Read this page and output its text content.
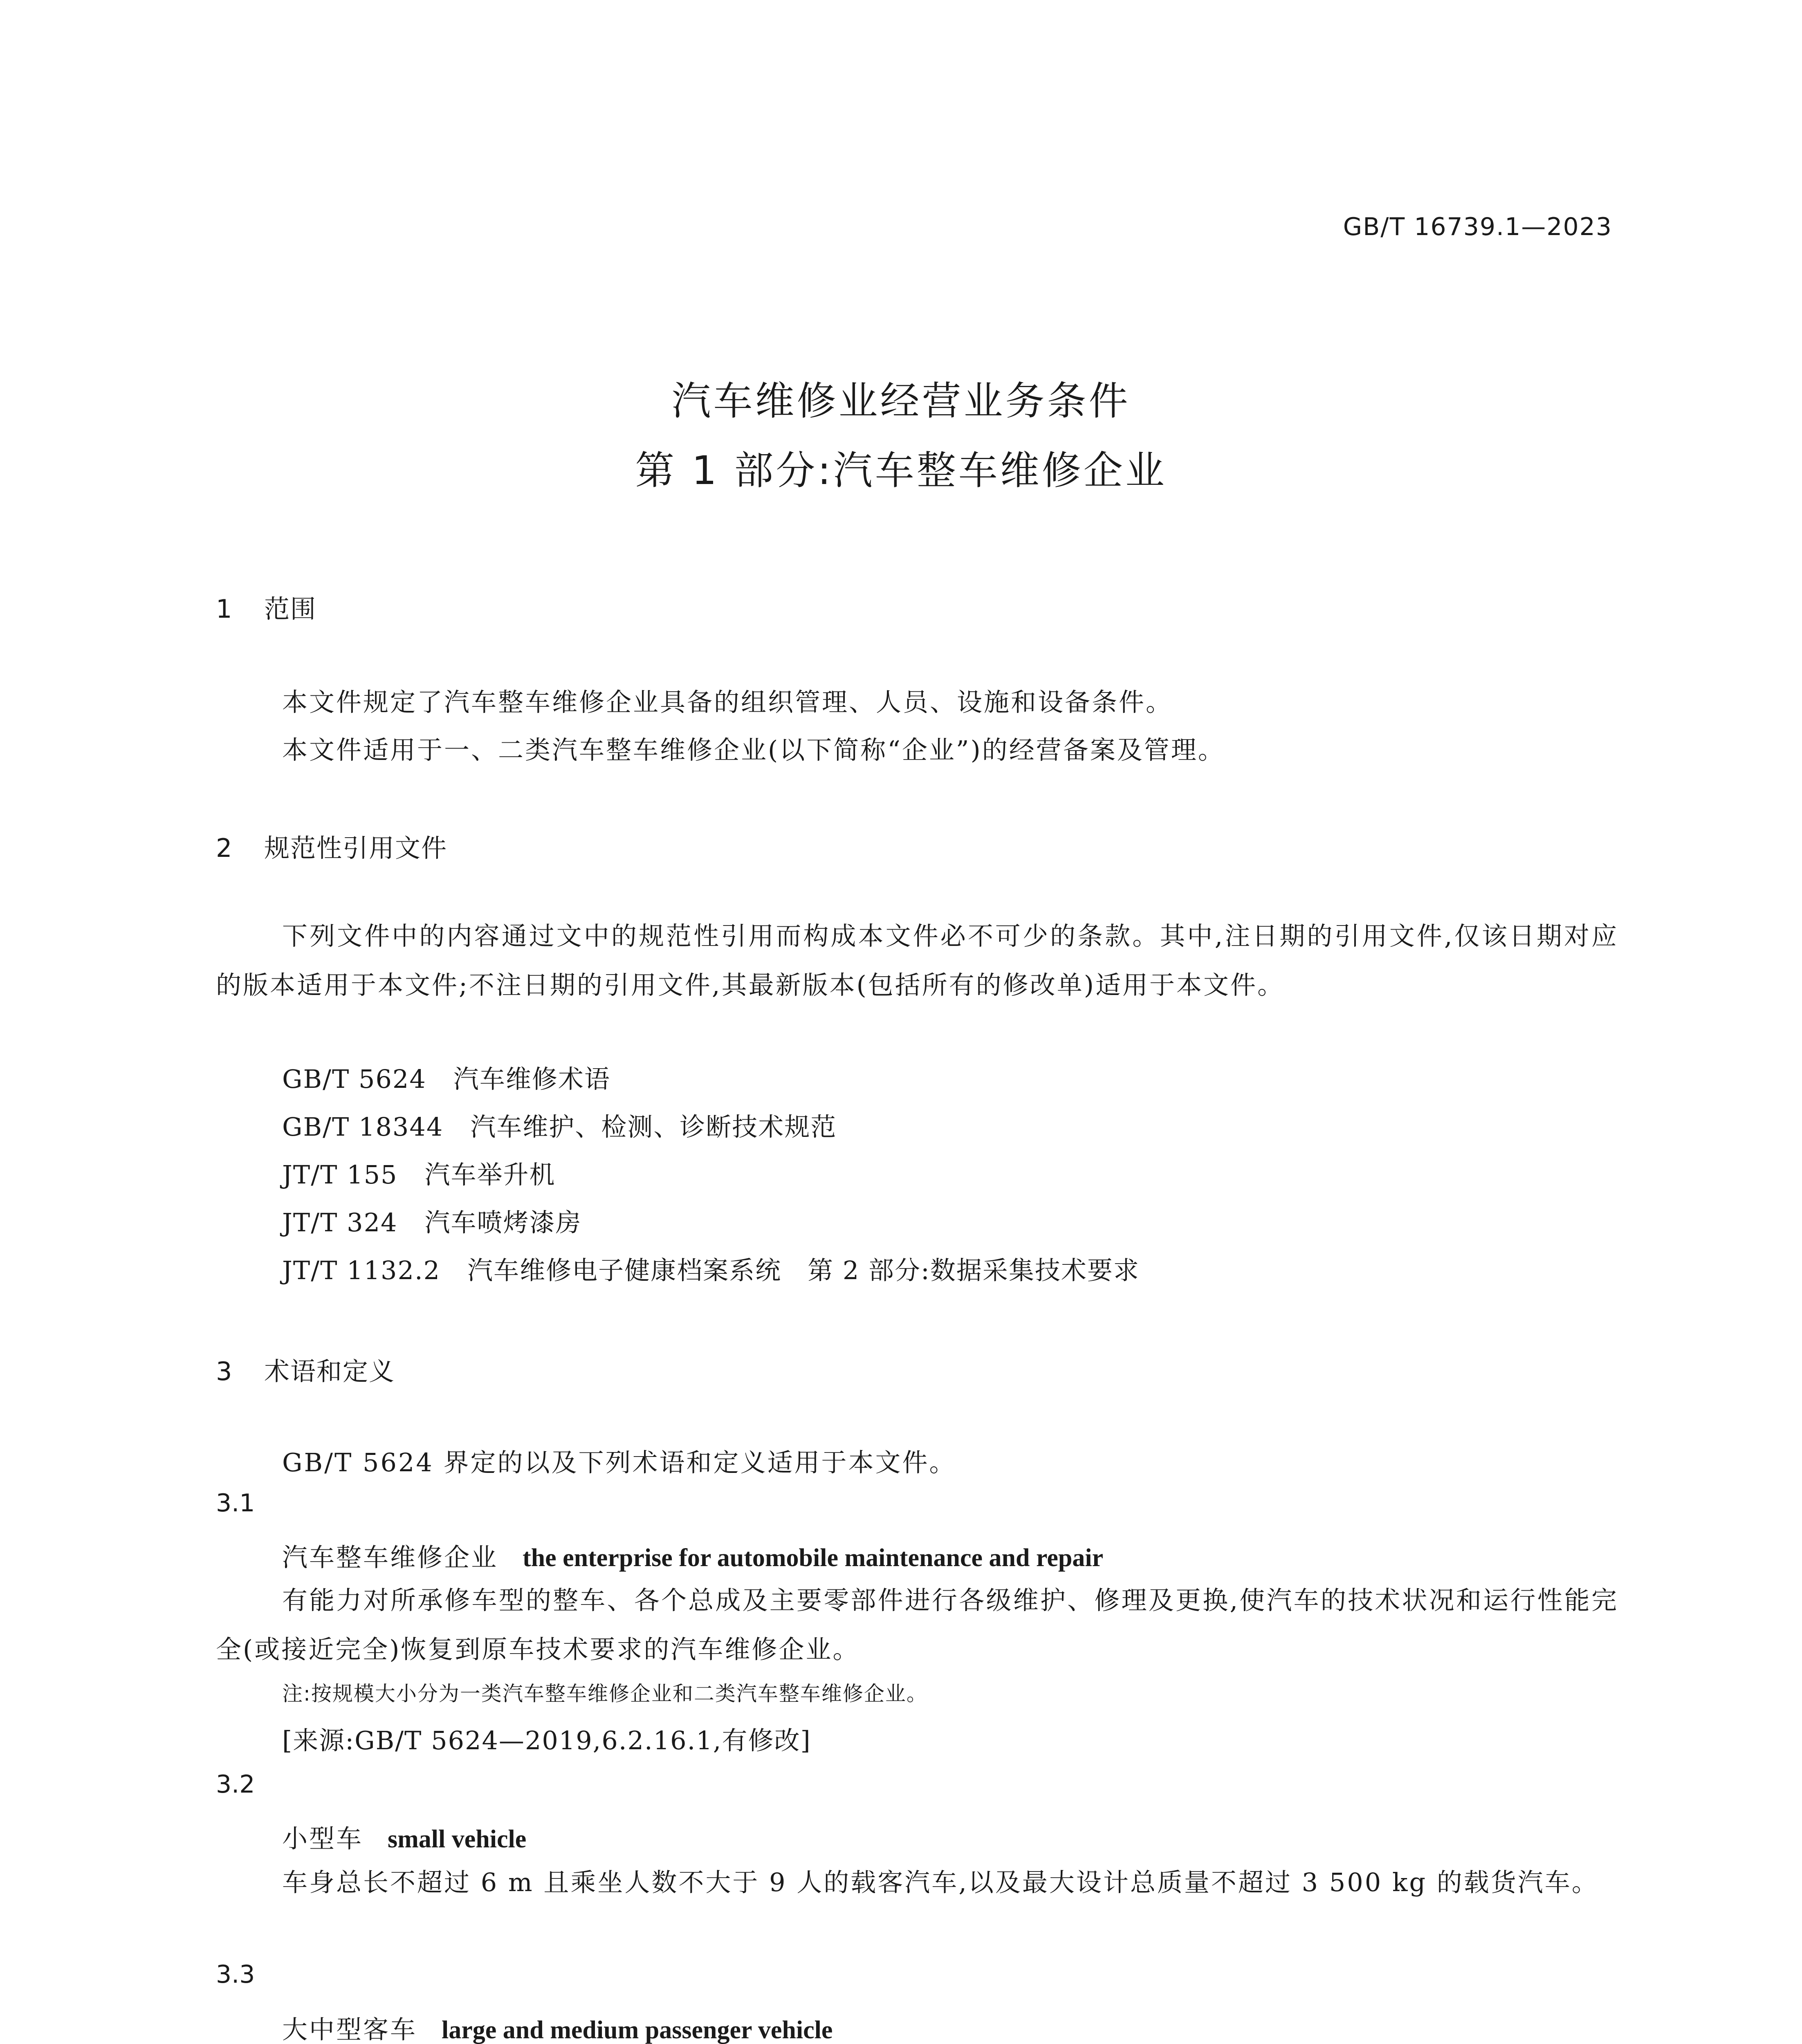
GB/T 16739.1—2023
汽车维修业经营业务条件
第 1 部分:汽车整车维修企业
1 范围
本文件规定了汽车整车维修企业具备的组织管理、人员、设施和设备条件。
本文件适用于一、二类汽车整车维修企业(以下简称“企业”)的经营备案及管理。
2 规范性引用文件
下列文件中的内容通过文中的规范性引用而构成本文件必不可少的条款。其中,注日期的引用文件,仅该日期对应的版本适用于本文件;不注日期的引用文件,其最新版本(包括所有的修改单)适用于本文件。
GB/T 5624 汽车维修术语
GB/T 18344 汽车维护、检测、诊断技术规范
JT/T 155 汽车举升机
JT/T 324 汽车喷烤漆房
JT/T 1132.2 汽车维修电子健康档案系统　第 2 部分:数据采集技术要求
3 术语和定义
GB/T 5624 界定的以及下列术语和定义适用于本文件。
3.1
汽车整车维修企业 the enterprise for automobile maintenance and repair
有能力对所承修车型的整车、各个总成及主要零部件进行各级维护、修理及更换,使汽车的技术状况和运行性能完全(或接近完全)恢复到原车技术要求的汽车维修企业。
注:按规模大小分为一类汽车整车维修企业和二类汽车整车维修企业。
[来源:GB/T 5624—2019,6.2.16.1,有修改]
3.2
小型车 small vehicle
车身总长不超过 6 m 且乘坐人数不大于 9 人的载客汽车,以及最大设计总质量不超过 3 500 kg 的载货汽车。
3.3
大中型客车 large and medium passenger vehicle
